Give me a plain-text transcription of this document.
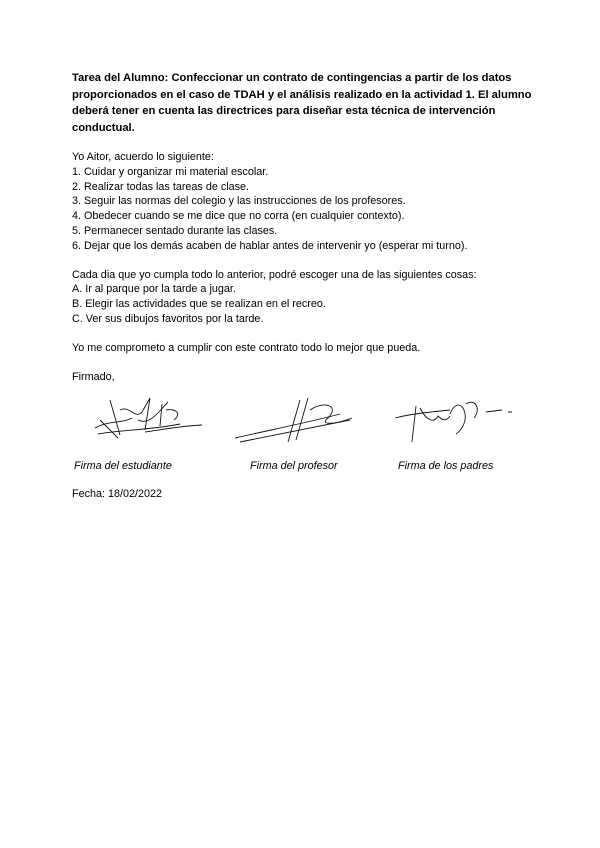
Tarea del Alumno: Confeccionar un contrato de contingencias a partir de los datos proporcionados en el caso de TDAH y el análisis realizado en la actividad 1. El alumno deberá tener en cuenta las directrices para diseñar esta técnica de intervención conductual.

Yo Aitor, acuerdo lo siguiente:

1. Cuidar y organizar mi material escolar.

2. Realizar todas las tareas de clase.

3. Seguir las normas del colegio y las instrucciones de los profesores.

4. Obedecer cuando se me dice que no corra (en cualquier contexto).

5. Permanecer sentado durante las clases.

6. Dejar que los demás acaben de hablar antes de intervenir yo (esperar mi turno).

Cada dia que yo cumpla todo lo anterior, podré escoger una de las siguientes cosas:

A. Ir al parque por la tarde a jugar.

B. Elegir las actividades que se realizan en el recreo.

C. Ver sus dibujos favoritos por la tarde.

Yo me comprometo a cumplir con este contrato todo lo mejor que pueda.

Firmado,

Firma del estudiante	Firma del profesor	Firma de los padres
Fecha: 18/02/2022
